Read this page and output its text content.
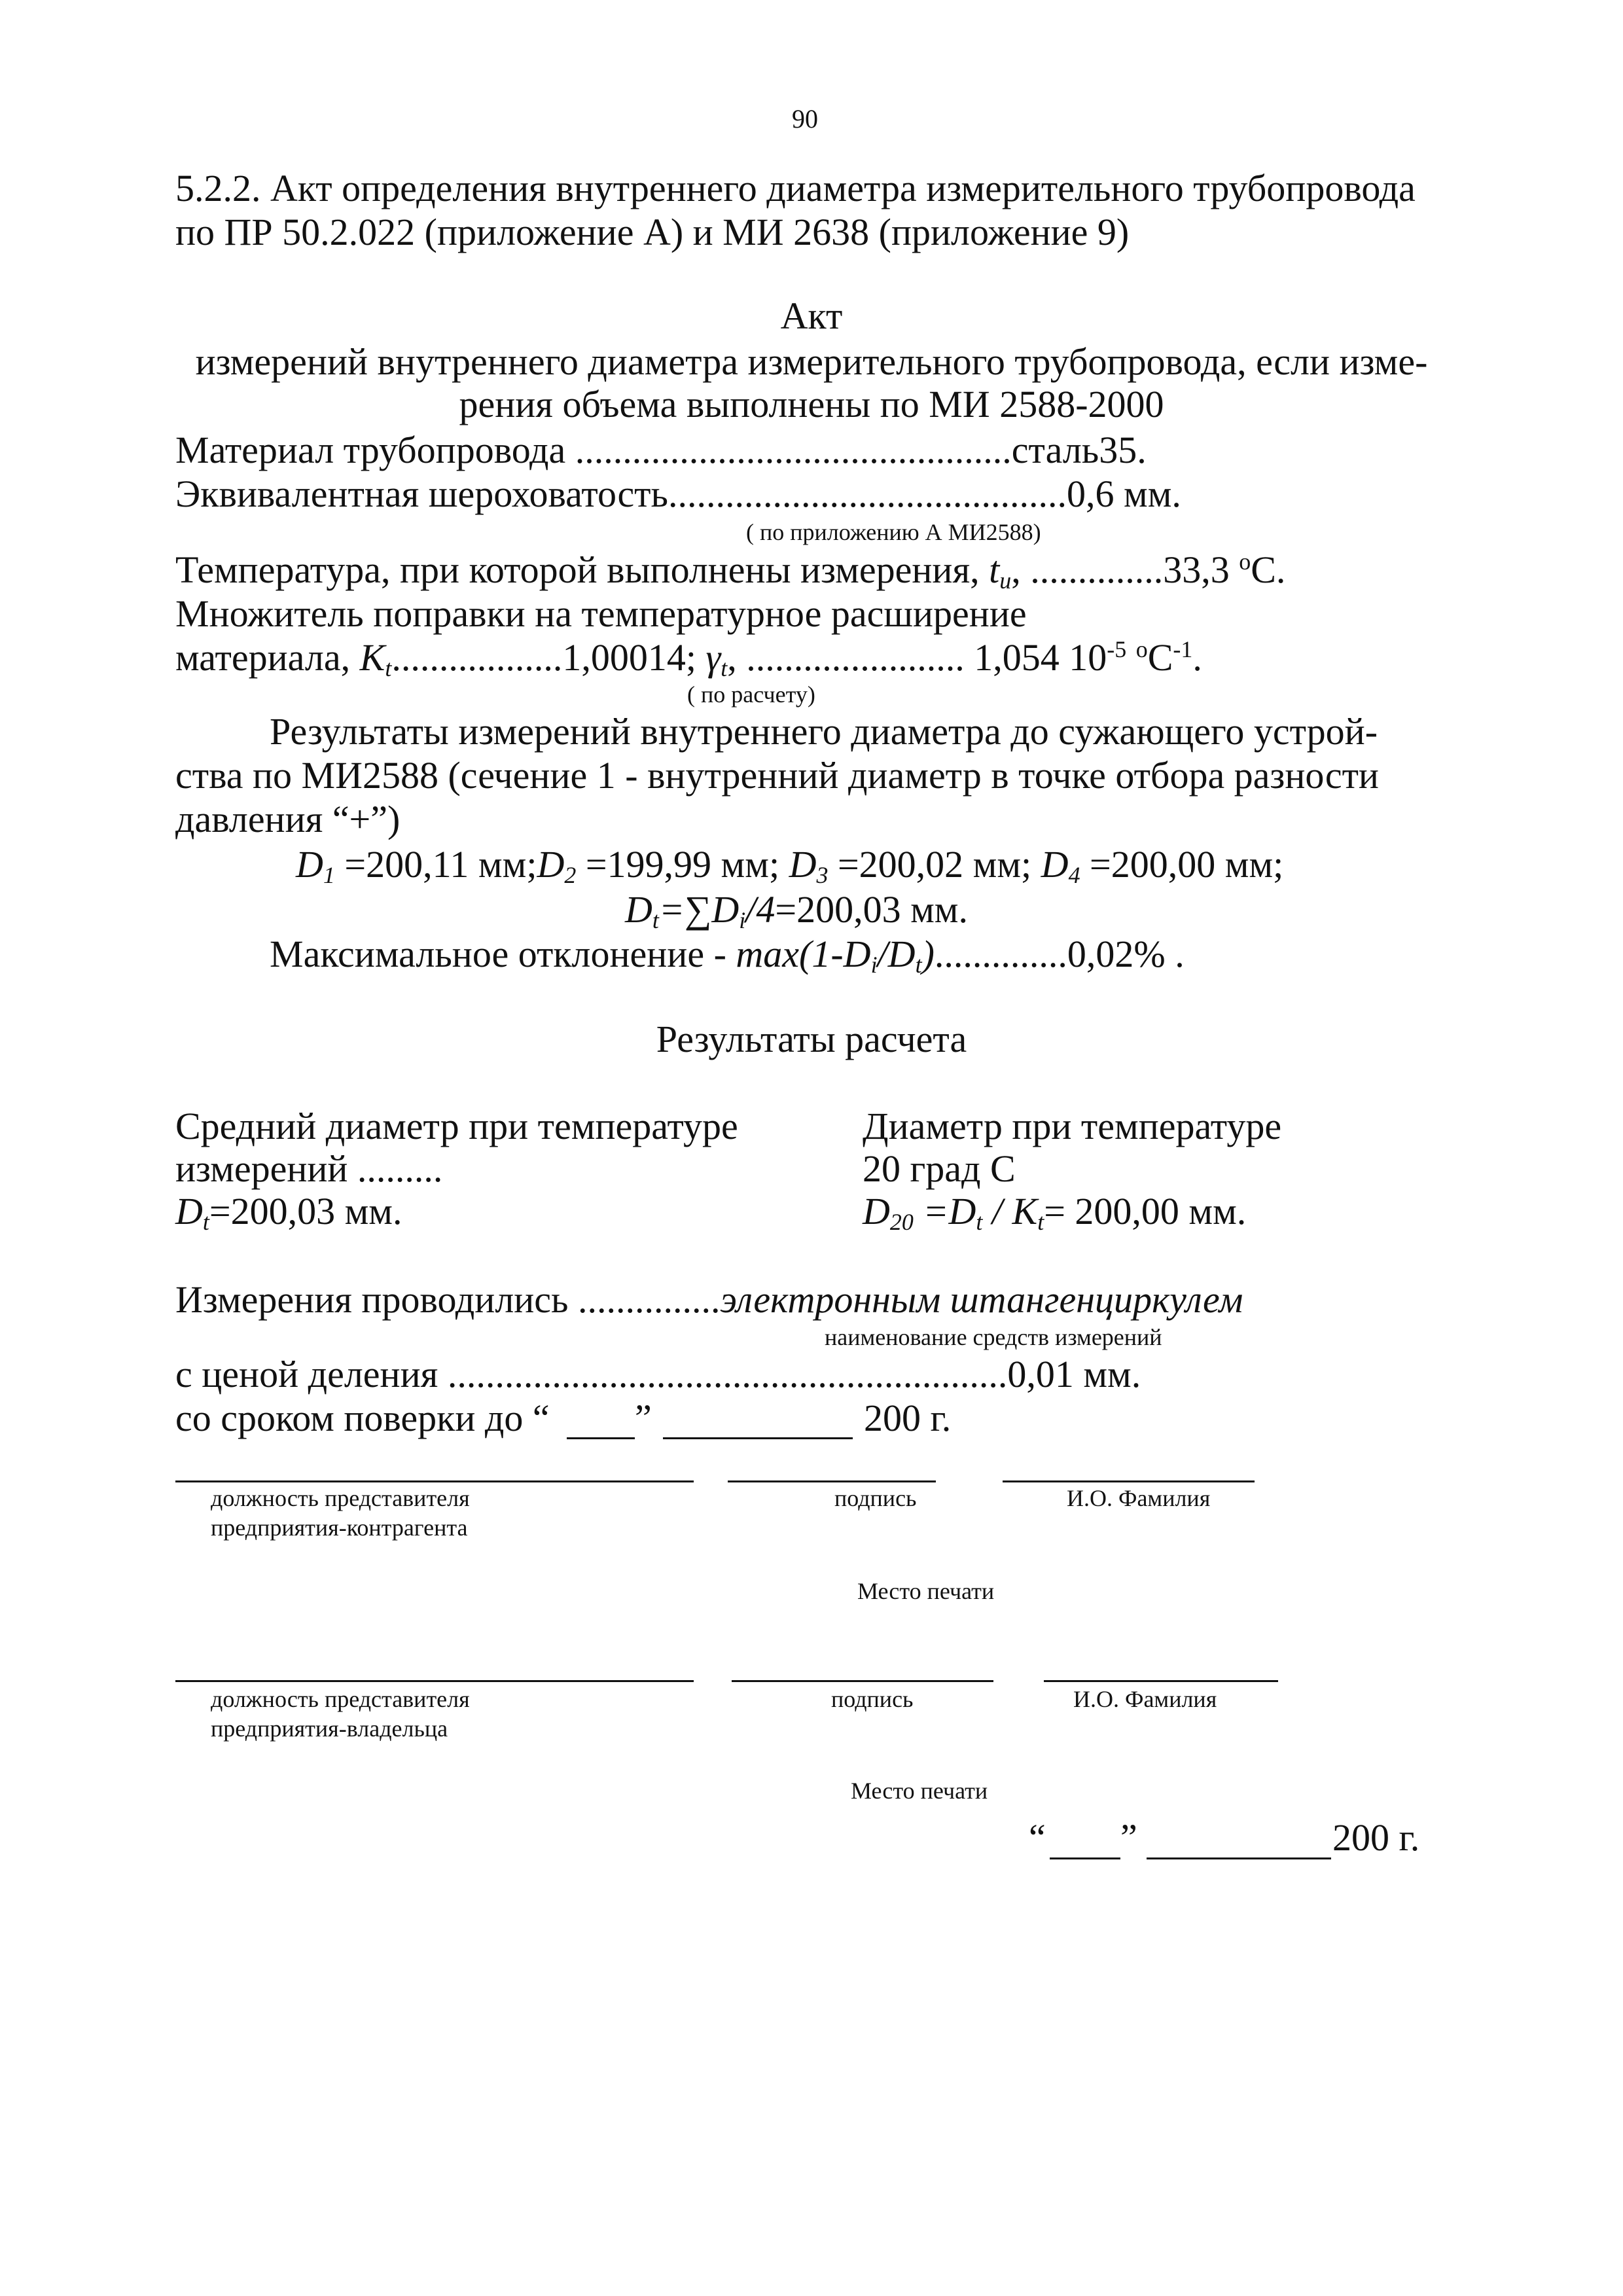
90
5.2.2. Акт определения внутреннего диаметра измерительного трубопровода
по ПР 50.2.022 (приложение А) и МИ 2638 (приложение 9)
Акт
измерений внутреннего диаметра измерительного трубопровода, если изме-
рения объема выполнены по МИ 2588-2000
Материал трубопровода ..............................................сталь35.
Эквивалентная шероховатость..........................................0,6 мм.
( по приложению А МИ2588)
Температура, при которой выполнены измерения, $t_и$, ..............33,3 $^o$С.
Множитель поправки на температурное расширение
материала, $K_t..................1,00014$; $\gamma_t$, ....................... 1,054 $10^{-5}$ $^oС^{-1}$.
( по расчету)
Результаты измерений внутреннего диаметра до сужающего устрой-
ства по МИ2588 (сечение 1 - внутренний диаметр в точке отбора разности
давления “+”)
$D_1 =200,11$ $мм;D_2 =199,99$ мм; $D_3 =200,02$ мм; $D_4 =200,00$ мм;
$D_t=\sum D_i/4=200,03$ мм.
Максимальное отклонение - $\max(1-D_i/D_t)..............0,02\%$ .
Результаты расчета
Средний диаметр при температуре
измерений .........
$D_t=200,03$ мм.
Диаметр при температуре
20 град С
$D_{20} =D_t / K_t= 200,00$ мм.
Измерения проводились ...............электронным штангенциркулем
наименование средств измерений
с ценой деления ...........................................................0,01 мм.
со сроком поверки до “ ”	200 г.
должность представителя
предприятия-контрагента
подпись	И.О. Фамилия
Место печати
должность представителя
предприятия-владельца
подпись	И.О. Фамилия
Место печати
“ ”	200 г.
